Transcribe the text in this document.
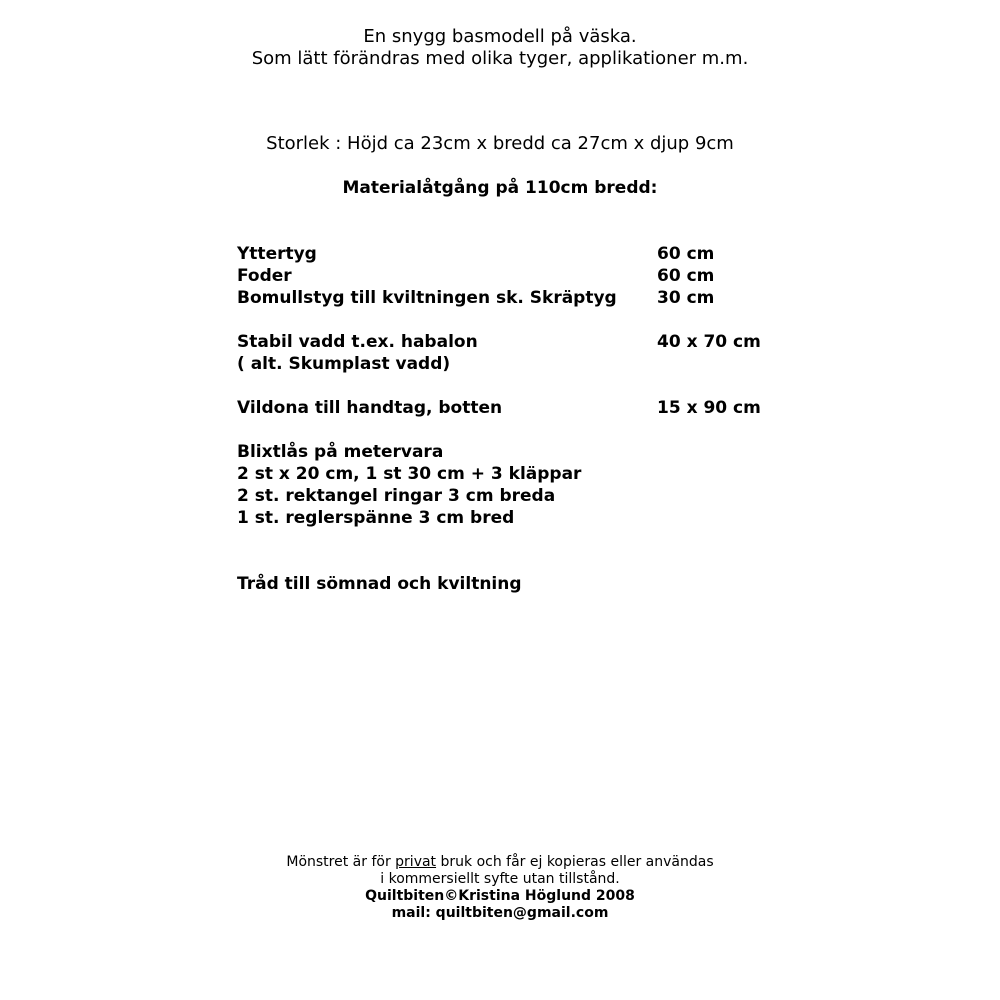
En snygg basmodell på väska.
Som lätt förändras med olika tyger, applikationer m.m.
Storlek : Höjd ca 23cm x bredd ca 27cm x djup 9cm
Materialåtgång på 110cm bredd:
Yttertyg	60 cm
Foder	60 cm
Bomullstyg till kviltningen sk. Skräptyg	30 cm
Stabil vadd t.ex. habalon	40 x 70 cm
( alt. Skumplast vadd)
Vildona till handtag, botten	15 x 90 cm
Blixtlås på metervara
2 st x 20 cm, 1 st 30 cm + 3 kläppar
2 st. rektangel ringar 3 cm breda
1 st. reglerspänne 3 cm bred
Tråd till sömnad och kviltning
Mönstret är för privat bruk och får ej kopieras eller användas
i kommersiellt syfte utan tillstånd.
Quiltbiten©Kristina Höglund 2008
mail: quiltbiten@gmail.com
